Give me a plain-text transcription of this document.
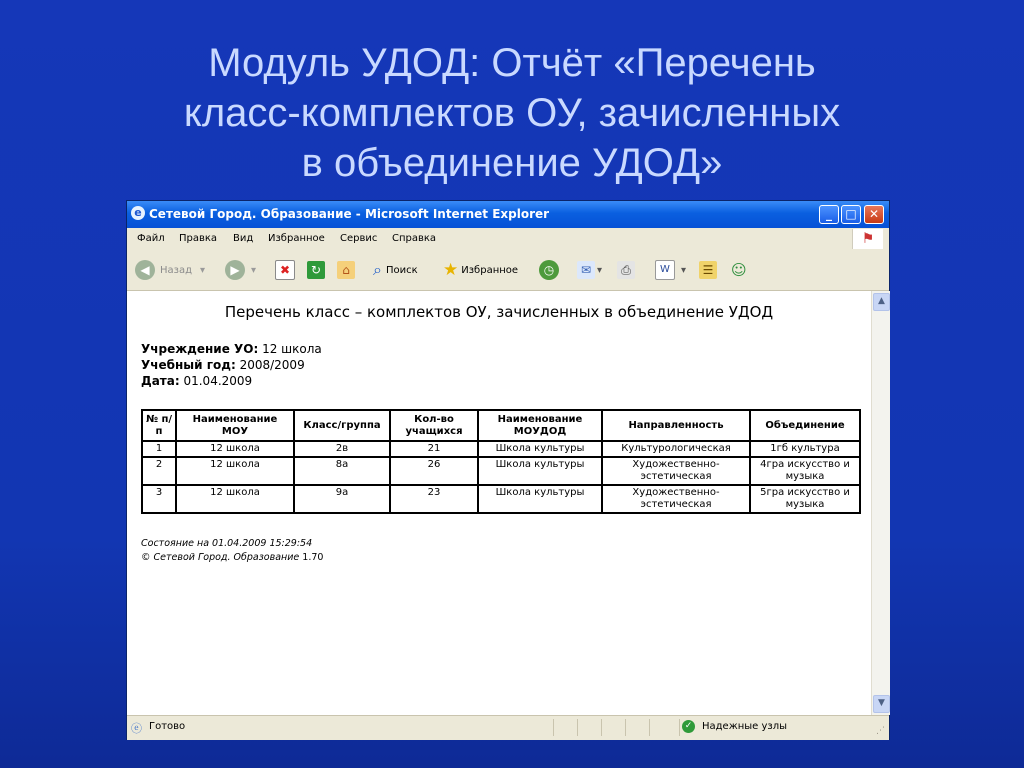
Модуль УДОД: Отчёт «Перечень
класс-комплектов ОУ, зачисленных
в объединение УДОД»
e Сетевой Город. Образование - Microsoft Internet Explorer	_	□	✕
Файл Правка Вид Избранное Сервис Справка	⚑
◀	Назад ▾	▶	▾	✖	↻	⌂	⌕ Поиск ★ Избранное	◷	✉ ▾	⎙	W	▾	☰ ☺
Перечень класс – комплектов ОУ, зачисленных в объединение УДОД
Учреждение УО: 12 школа
Учебный год: 2008/2009
Дата: 01.04.2009
№ п/п	Наименование МОУ	Класс/группа	Кол-во учащихся	Наименование МОУДОД	Направленность	Объединение
1	12 школа	2в	21	Школа культуры	Культурологическая	1гб культура
2	12 школа	8а	26	Школа культуры	Художественно-эстетическая	4гра искусство и музыка
3	12 школа	9а	23	Школа культуры	Художественно-эстетическая	5гра искусство и музыка
Состояние на 01.04.2009 15:29:54
© Сетевой Город. Образование 1.70
▲
▼
ⓔ Готово	✓ Надежные узлы	⋰
